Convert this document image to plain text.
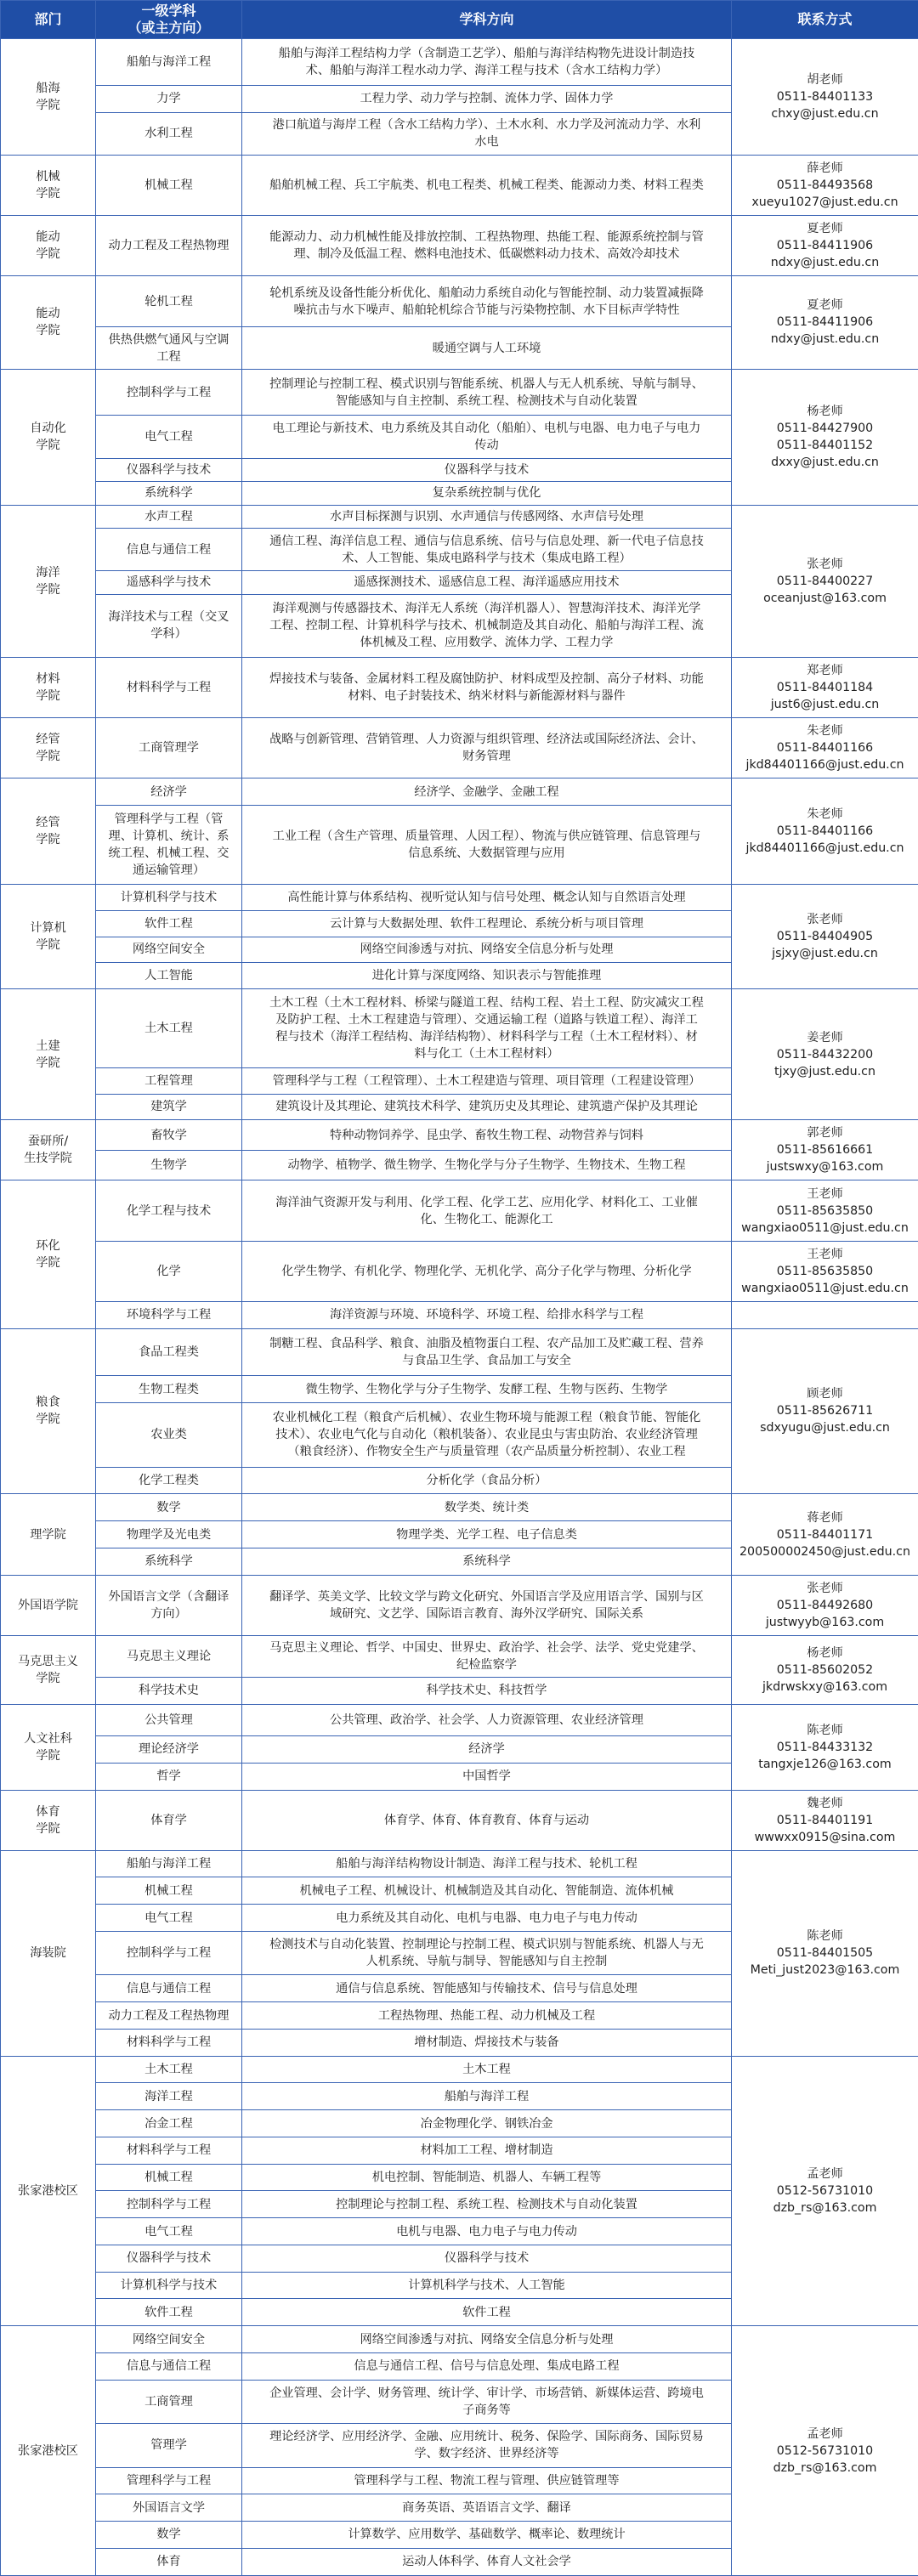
部门	一级学科
（或主方向）	学科方向	联系方式

船海
学院	船舶与海洋工程	船舶与海洋工程结构力学（含制造工艺学）、船舶与海洋结构物先进设计制造技
术、船舶与海洋工程水动力学、海洋工程与技术（含水工结构力学）	胡老师
0511-84401133
chxy@just.edu.cn

	力学	工程力学、动力学与控制、流体力学、固体力学	

	水利工程	港口航道与海岸工程（含水工结构力学）、土木水利、水力学及河流动力学、水利
水电	

机械
学院	机械工程	船舶机械工程、兵工宇航类、机电工程类、机械工程类、能源动力类、材料工程类	薛老师
0511-84493568
xueyu1027@just.edu.cn

能动
学院	动力工程及工程热物理	能源动力、动力机械性能及排放控制、工程热物理、热能工程、能源系统控制与管
理、制冷及低温工程、燃料电池技术、低碳燃料动力技术、高效冷却技术	夏老师
0511-84411906
ndxy@just.edu.cn

能动
学院	轮机工程	轮机系统及设备性能分析优化、船舶动力系统自动化与智能控制、动力装置减振降
噪抗击与水下噪声、船舶轮机综合节能与污染物控制、水下目标声学特性	夏老师
0511-84411906
ndxy@just.edu.cn

	供热供燃气通风与空调
工程	暖通空调与人工环境	

自动化
学院	控制科学与工程	控制理论与控制工程、模式识别与智能系统、机器人与无人机系统、导航与制导、
智能感知与自主控制、系统工程、检测技术与自动化装置	杨老师
0511-84427900
0511-84401152
dxxy@just.edu.cn

	电气工程	电工理论与新技术、电力系统及其自动化（船舶）、电机与电器、电力电子与电力
传动	

	仪器科学与技术	仪器科学与技术	

	系统科学	复杂系统控制与优化	

海洋
学院	水声工程	水声目标探测与识别、水声通信与传感网络、水声信号处理	张老师
0511-84400227
oceanjust@163.com

	信息与通信工程	通信工程、海洋信息工程、通信与信息系统、信号与信息处理、新一代电子信息技
术、人工智能、集成电路科学与技术（集成电路工程）	

	遥感科学与技术	遥感探测技术、遥感信息工程、海洋遥感应用技术	

	海洋技术与工程（交叉
学科）	海洋观测与传感器技术、海洋无人系统（海洋机器人）、智慧海洋技术、海洋光学
工程、控制工程、计算机科学与技术、机械制造及其自动化、船舶与海洋工程、流
体机械及工程、应用数学、流体力学、工程力学	

材料
学院	材料科学与工程	焊接技术与装备、金属材料工程及腐蚀防护、材料成型及控制、高分子材料、功能
材料、电子封装技术、纳米材料与新能源材料与器件	郑老师
0511-84401184
just6@just.edu.cn

经管
学院	工商管理学	战略与创新管理、营销管理、人力资源与组织管理、经济法或国际经济法、会计、
财务管理	朱老师
0511-84401166
jkd84401166@just.edu.cn

经管
学院	经济学	经济学、金融学、金融工程	朱老师
0511-84401166
jkd84401166@just.edu.cn

	管理科学与工程（管
理、计算机、统计、系
统工程、机械工程、交
通运输管理）	工业工程（含生产管理、质量管理、人因工程）、物流与供应链管理、信息管理与
信息系统、大数据管理与应用	

计算机
学院	计算机科学与技术	高性能计算与体系结构、视听觉认知与信号处理、概念认知与自然语言处理	张老师
0511-84404905
jsjxy@just.edu.cn

	软件工程	云计算与大数据处理、软件工程理论、系统分析与项目管理	

	网络空间安全	网络空间渗透与对抗、网络安全信息分析与处理	

	人工智能	进化计算与深度网络、知识表示与智能推理	

土建
学院	土木工程	土木工程（土木工程材料、桥梁与隧道工程、结构工程、岩土工程、防灾减灾工程
及防护工程、土木工程建造与管理）、交通运输工程（道路与铁道工程）、海洋工
程与技术（海洋工程结构、海洋结构物）、材料科学与工程（土木工程材料）、材
料与化工（土木工程材料）	姜老师
0511-84432200
tjxy@just.edu.cn

	工程管理	管理科学与工程（工程管理）、土木工程建造与管理、项目管理（工程建设管理）	

	建筑学	建筑设计及其理论、建筑技术科学、建筑历史及其理论、建筑遗产保护及其理论	

蚕研所/
生技学院	畜牧学	特种动物饲养学、昆虫学、畜牧生物工程、动物营养与饲料	郭老师
0511-85616661
justswxy@163.com

	生物学	动物学、植物学、微生物学、生物化学与分子生物学、生物技术、生物工程	

环化
学院	化学工程与技术	海洋油气资源开发与利用、化学工程、化学工艺、应用化学、材料化工、工业催
化、生物化工、能源化工	王老师
0511-85635850
wangxiao0511@just.edu.cn

	化学	化学生物学、有机化学、物理化学、无机化学、高分子化学与物理、分析化学	王老师
0511-85635850
wangxiao0511@just.edu.cn

	环境科学与工程	海洋资源与环境、环境科学、环境工程、给排水科学与工程	

粮食
学院	食品工程类	制糖工程、食品科学、粮食、油脂及植物蛋白工程、农产品加工及贮藏工程、营养
与食品卫生学、食品加工与安全	顾老师
0511-85626711
sdxyugu@just.edu.cn

	生物工程类	微生物学、生物化学与分子生物学、发酵工程、生物与医药、生物学	

	农业类	农业机械化工程（粮食产后机械）、农业生物环境与能源工程（粮食节能、智能化
技术）、农业电气化与自动化（粮机装备）、农业昆虫与害虫防治、农业经济管理
（粮食经济）、作物安全生产与质量管理（农产品质量分析控制）、农业工程	

	化学工程类	分析化学（食品分析）	

理学院	数学	数学类、统计类	蒋老师
0511-84401171
200500002450@just.edu.cn

	物理学及光电类	物理学类、光学工程、电子信息类	

	系统科学	系统科学	

外国语学院	外国语言文学（含翻译
方向）	翻译学、英美文学、比较文学与跨文化研究、外国语言学及应用语言学、国别与区
域研究、文艺学、国际语言教育、海外汉学研究、国际关系	张老师
0511-84492680
justwyyb@163.com

马克思主义
学院	马克思主义理论	马克思主义理论、哲学、中国史、世界史、政治学、社会学、法学、党史党建学、
纪检监察学	杨老师
0511-85602052
jkdrwskxy@163.com

	科学技术史	科学技术史、科技哲学	

人文社科
学院	公共管理	公共管理、政治学、社会学、人力资源管理、农业经济管理	陈老师
0511-84433132
tangxje126@163.com

	理论经济学	经济学	

	哲学	中国哲学	

体育
学院	体育学	体育学、体育、体育教育、体育与运动	魏老师
0511-84401191
wwwxx0915@sina.com

海装院	船舶与海洋工程	船舶与海洋结构物设计制造、海洋工程与技术、轮机工程	陈老师
0511-84401505
Meti_just2023@163.com

	机械工程	机械电子工程、机械设计、机械制造及其自动化、智能制造、流体机械	

	电气工程	电力系统及其自动化、电机与电器、电力电子与电力传动	

	控制科学与工程	检测技术与自动化装置、控制理论与控制工程、模式识别与智能系统、机器人与无
人机系统、导航与制导、智能感知与自主控制	

	信息与通信工程	通信与信息系统、智能感知与传输技术、信号与信息处理	

	动力工程及工程热物理	工程热物理、热能工程、动力机械及工程	

	材料科学与工程	增材制造、焊接技术与装备	

张家港校区	土木工程	土木工程	孟老师
0512-56731010
dzb_rs@163.com

	海洋工程	船舶与海洋工程	

	冶金工程	冶金物理化学、钢铁冶金	

	材料科学与工程	材料加工工程、增材制造	

	机械工程	机电控制、智能制造、机器人、车辆工程等	

	控制科学与工程	控制理论与控制工程、系统工程、检测技术与自动化装置	

	电气工程	电机与电器、电力电子与电力传动	

	仪器科学与技术	仪器科学与技术	

	计算机科学与技术	计算机科学与技术、人工智能	

	软件工程	软件工程	

张家港校区	网络空间安全	网络空间渗透与对抗、网络安全信息分析与处理	孟老师
0512-56731010
dzb_rs@163.com

	信息与通信工程	信息与通信工程、信号与信息处理、集成电路工程	

	工商管理	企业管理、会计学、财务管理、统计学、审计学、市场营销、新媒体运营、跨境电
子商务等	

	管理学	理论经济学、应用经济学、金融、应用统计、税务、保险学、国际商务、国际贸易
学、数字经济、世界经济等	

	管理科学与工程	管理科学与工程、物流工程与管理、供应链管理等	

	外国语言文学	商务英语、英语语言文学、翻译	

	数学	计算数学、应用数学、基础数学、概率论、数理统计	

	体育	运动人体科学、体育人文社会学	
